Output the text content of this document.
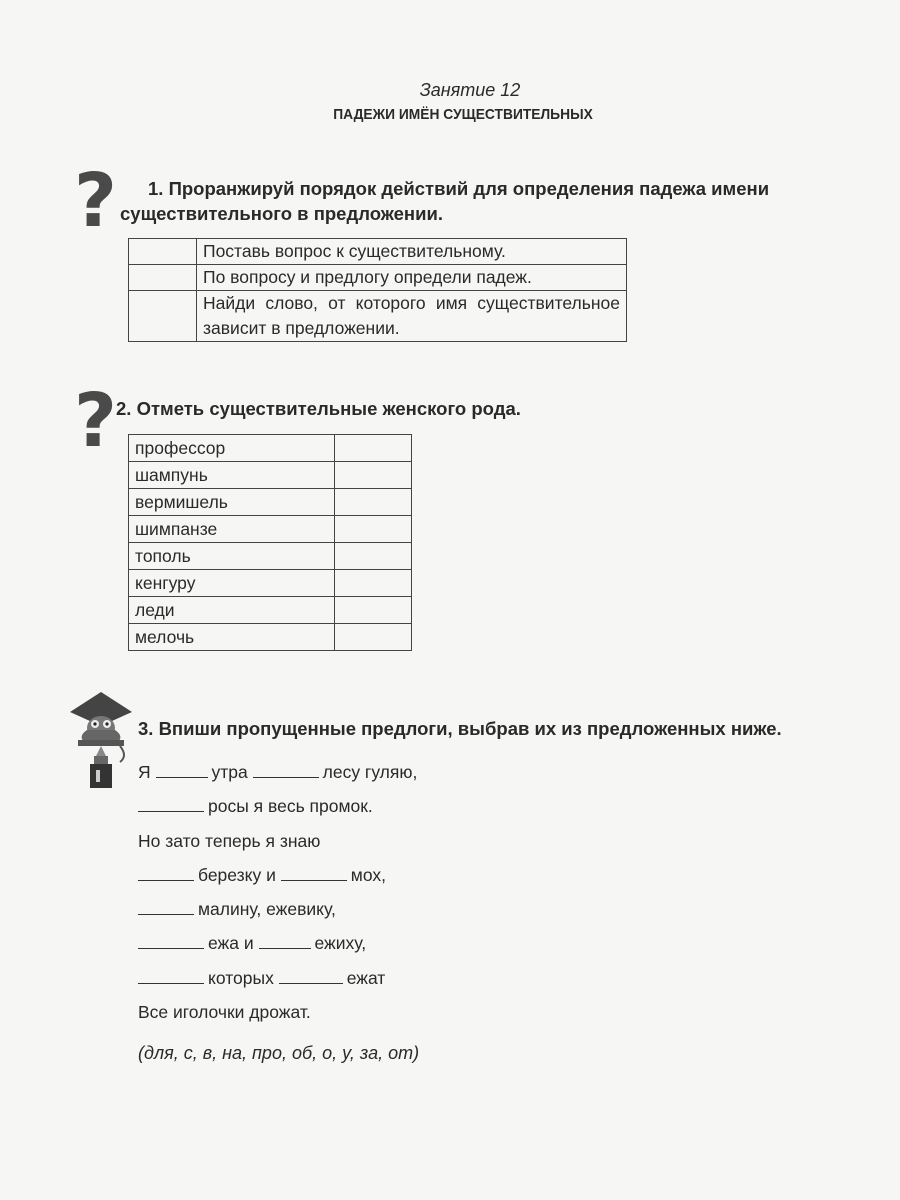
Занятие 12
ПАДЕЖИ ИМЁН СУЩЕСТВИТЕЛЬНЫХ
?	1. Проранжируй порядок действий для определения падежа имени
существительного в предложении.
	Поставь вопрос к существительному.
	По вопросу и предлогу определи падеж.
	Найди слово, от которого имя существительное зависит в предложении.
? 2. Отметь существительные женского рода.
профессор	
шампунь	
вермишель	
шимпанзе	
тополь	
кенгуру	
леди	
мелочь	
3. Впиши пропущенные предлоги, выбрав их из предложенных ниже.
Я	утра	лесу гуляю,
росы я весь промок.
Но зато теперь я знаю
березку и	мох,
малину, ежевику,
ежа и	ежиху,
которых	ежат
Все иголочки дрожат.
(для, с, в, на, про, об, о, у, за, от)
